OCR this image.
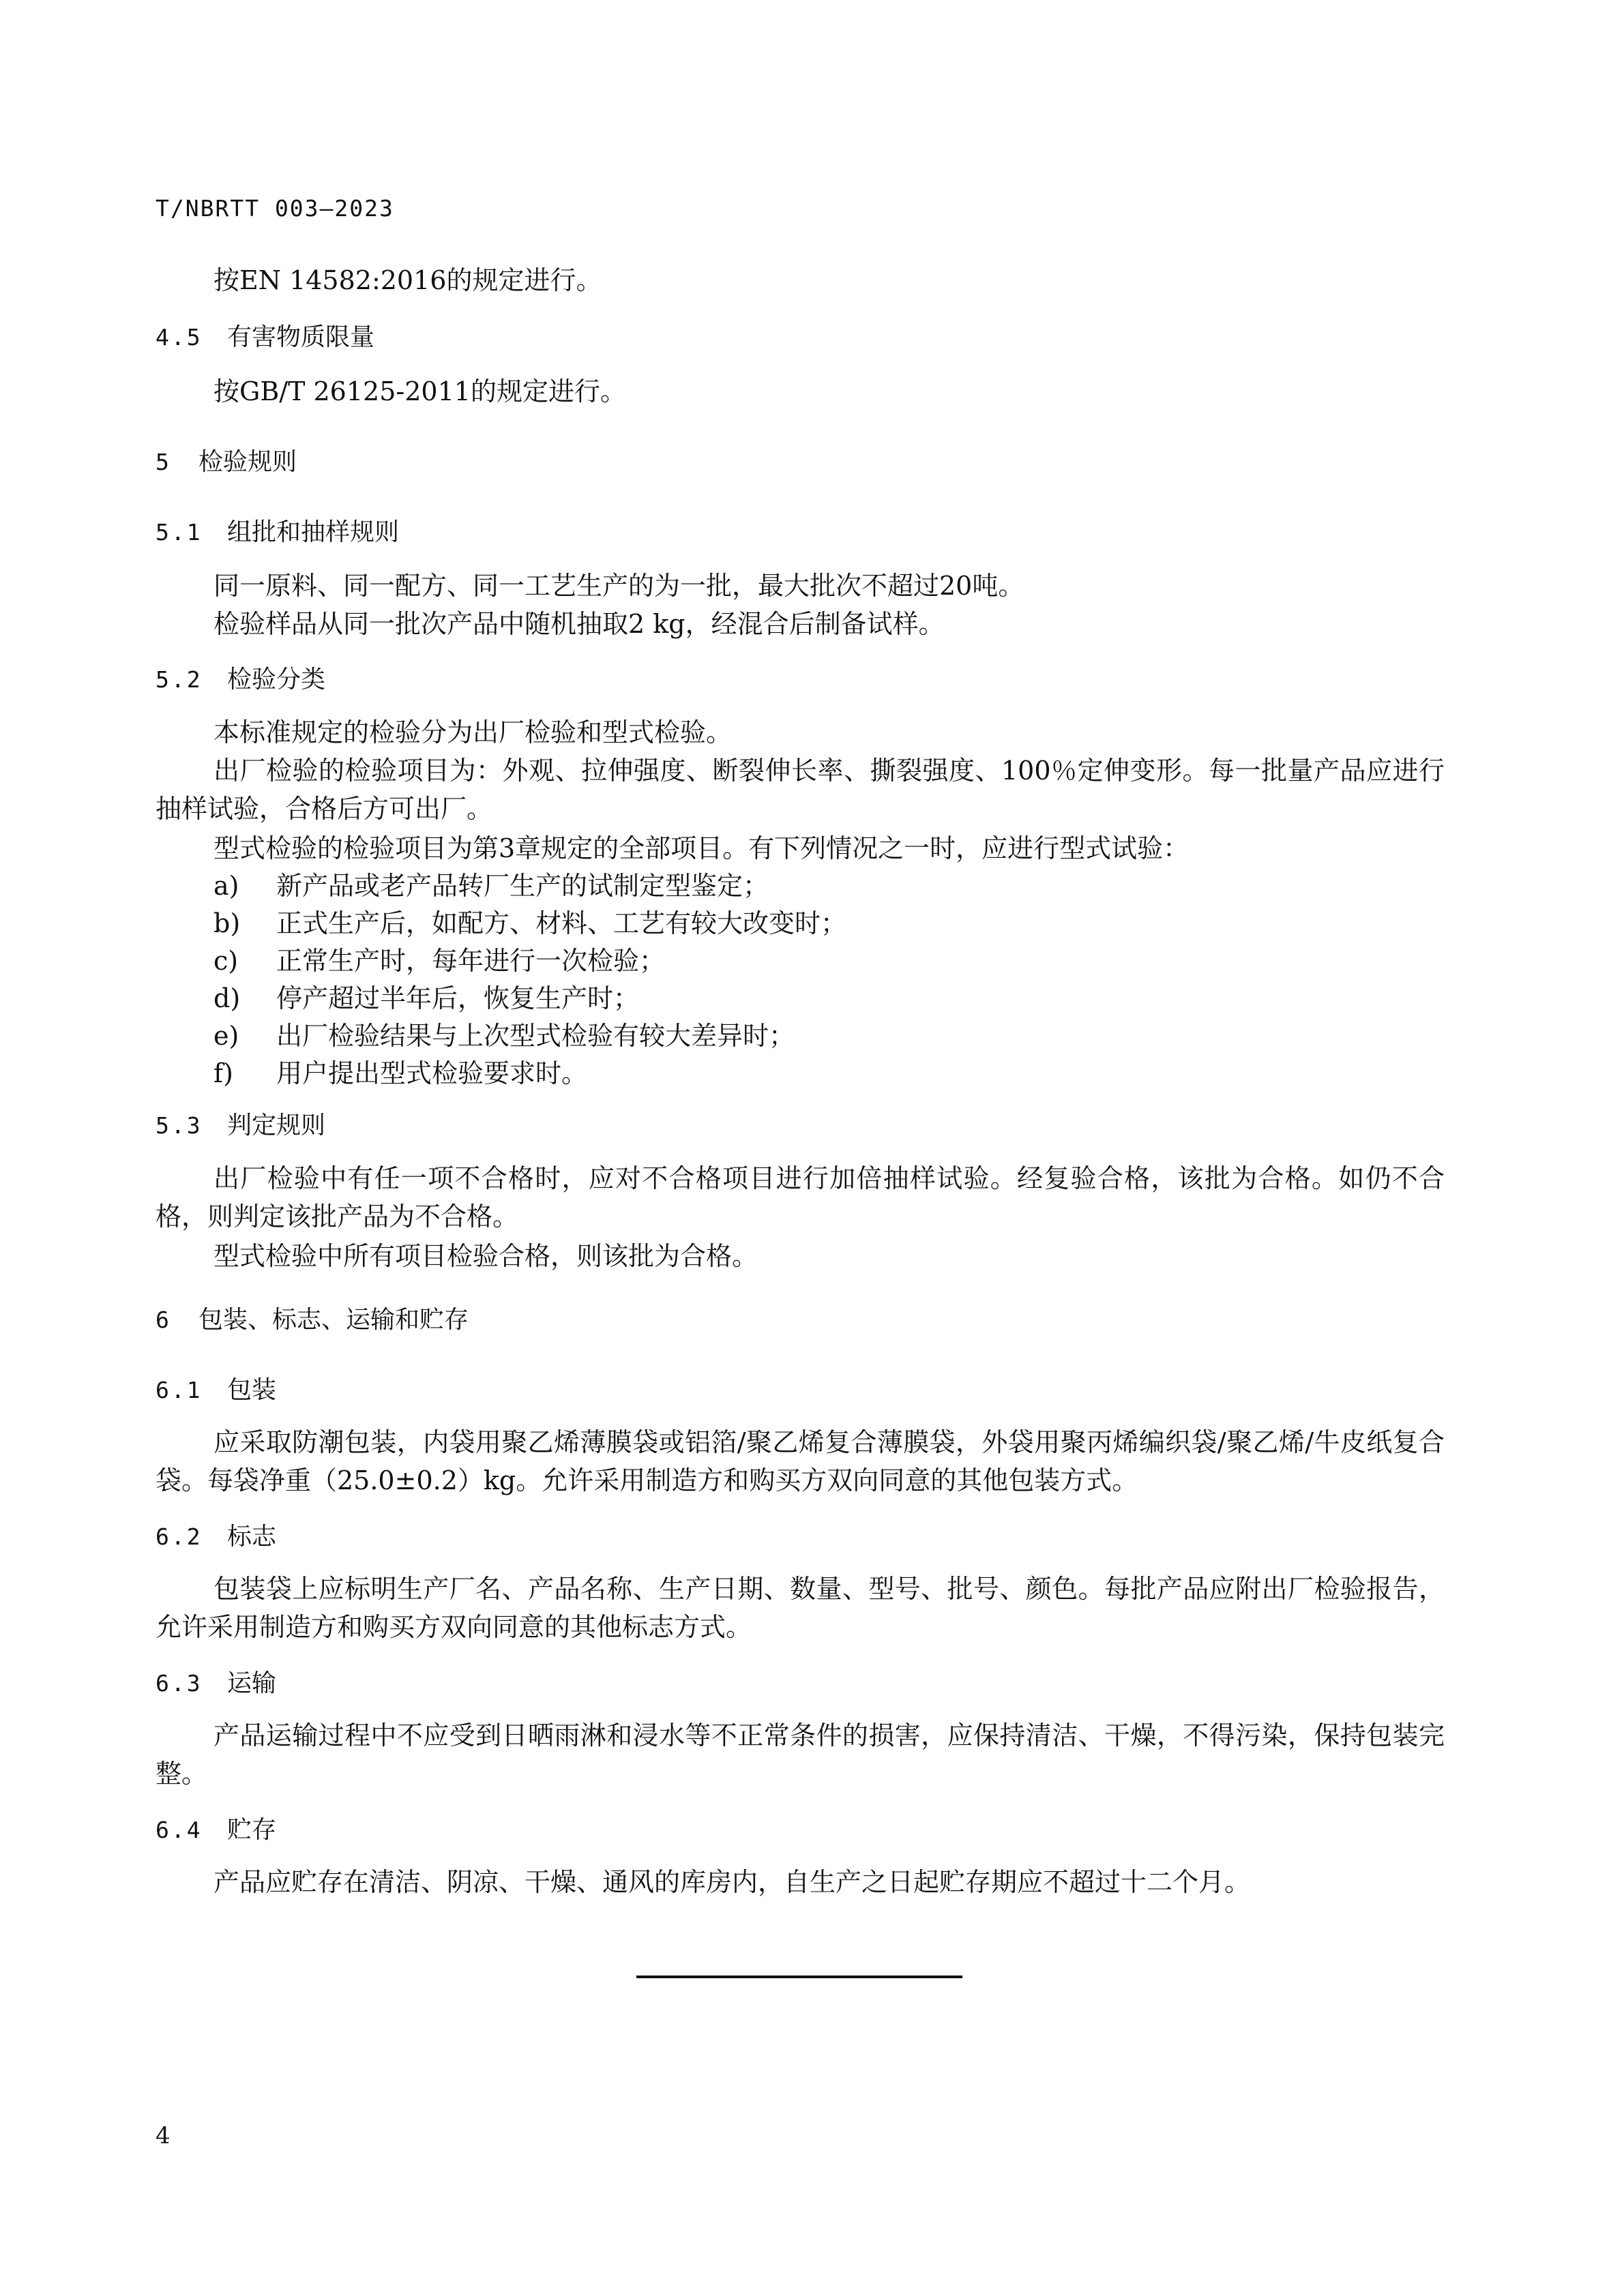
T/NBRTT 003—2023

按EN 14582:2016的规定进行。

4.5 有害物质限量

按GB/T 26125-2011的规定进行。

5 检验规则
5.1 组批和抽样规则

同一原料、同一配方、同一工艺生产的为一批，最大批次不超过20吨。

检验样品从同一批次产品中随机抽取2 kg，经混合后制备试样。

5.2 检验分类

本标准规定的检验分为出厂检验和型式检验。

出厂检验的检验项目为：外观、拉伸强度、断裂伸长率、撕裂强度、100％定伸变形。每一批量产品应进行抽样试验，合格后方可出厂。

型式检验的检验项目为第3章规定的全部项目。有下列情况之一时，应进行型式试验：

a) 新产品或老产品转厂生产的试制定型鉴定；
b) 正式生产后，如配方、材料、工艺有较大改变时；
c) 正常生产时，每年进行一次检验；
d) 停产超过半年后，恢复生产时；
e) 出厂检验结果与上次型式检验有较大差异时；
f) 用户提出型式检验要求时。
5.3 判定规则

出厂检验中有任一项不合格时，应对不合格项目进行加倍抽样试验。经复验合格，该批为合格。如仍不合格，则判定该批产品为不合格。

型式检验中所有项目检验合格，则该批为合格。

6 包装、标志、运输和贮存
6.1 包装

应采取防潮包装，内袋用聚乙烯薄膜袋或铝箔/聚乙烯复合薄膜袋，外袋用聚丙烯编织袋/聚乙烯/牛皮纸复合袋。每袋净重（25.0±0.2）kg。允许采用制造方和购买方双向同意的其他包装方式。

6.2 标志

包装袋上应标明生产厂名、产品名称、生产日期、数量、型号、批号、颜色。每批产品应附出厂检验报告，允许采用制造方和购买方双向同意的其他标志方式。

6.3 运输

产品运输过程中不应受到日晒雨淋和浸水等不正常条件的损害，应保持清洁、干燥，不得污染，保持包装完整。

6.4 贮存

产品应贮存在清洁、阴凉、干燥、通风的库房内，自生产之日起贮存期应不超过十二个月。

4
